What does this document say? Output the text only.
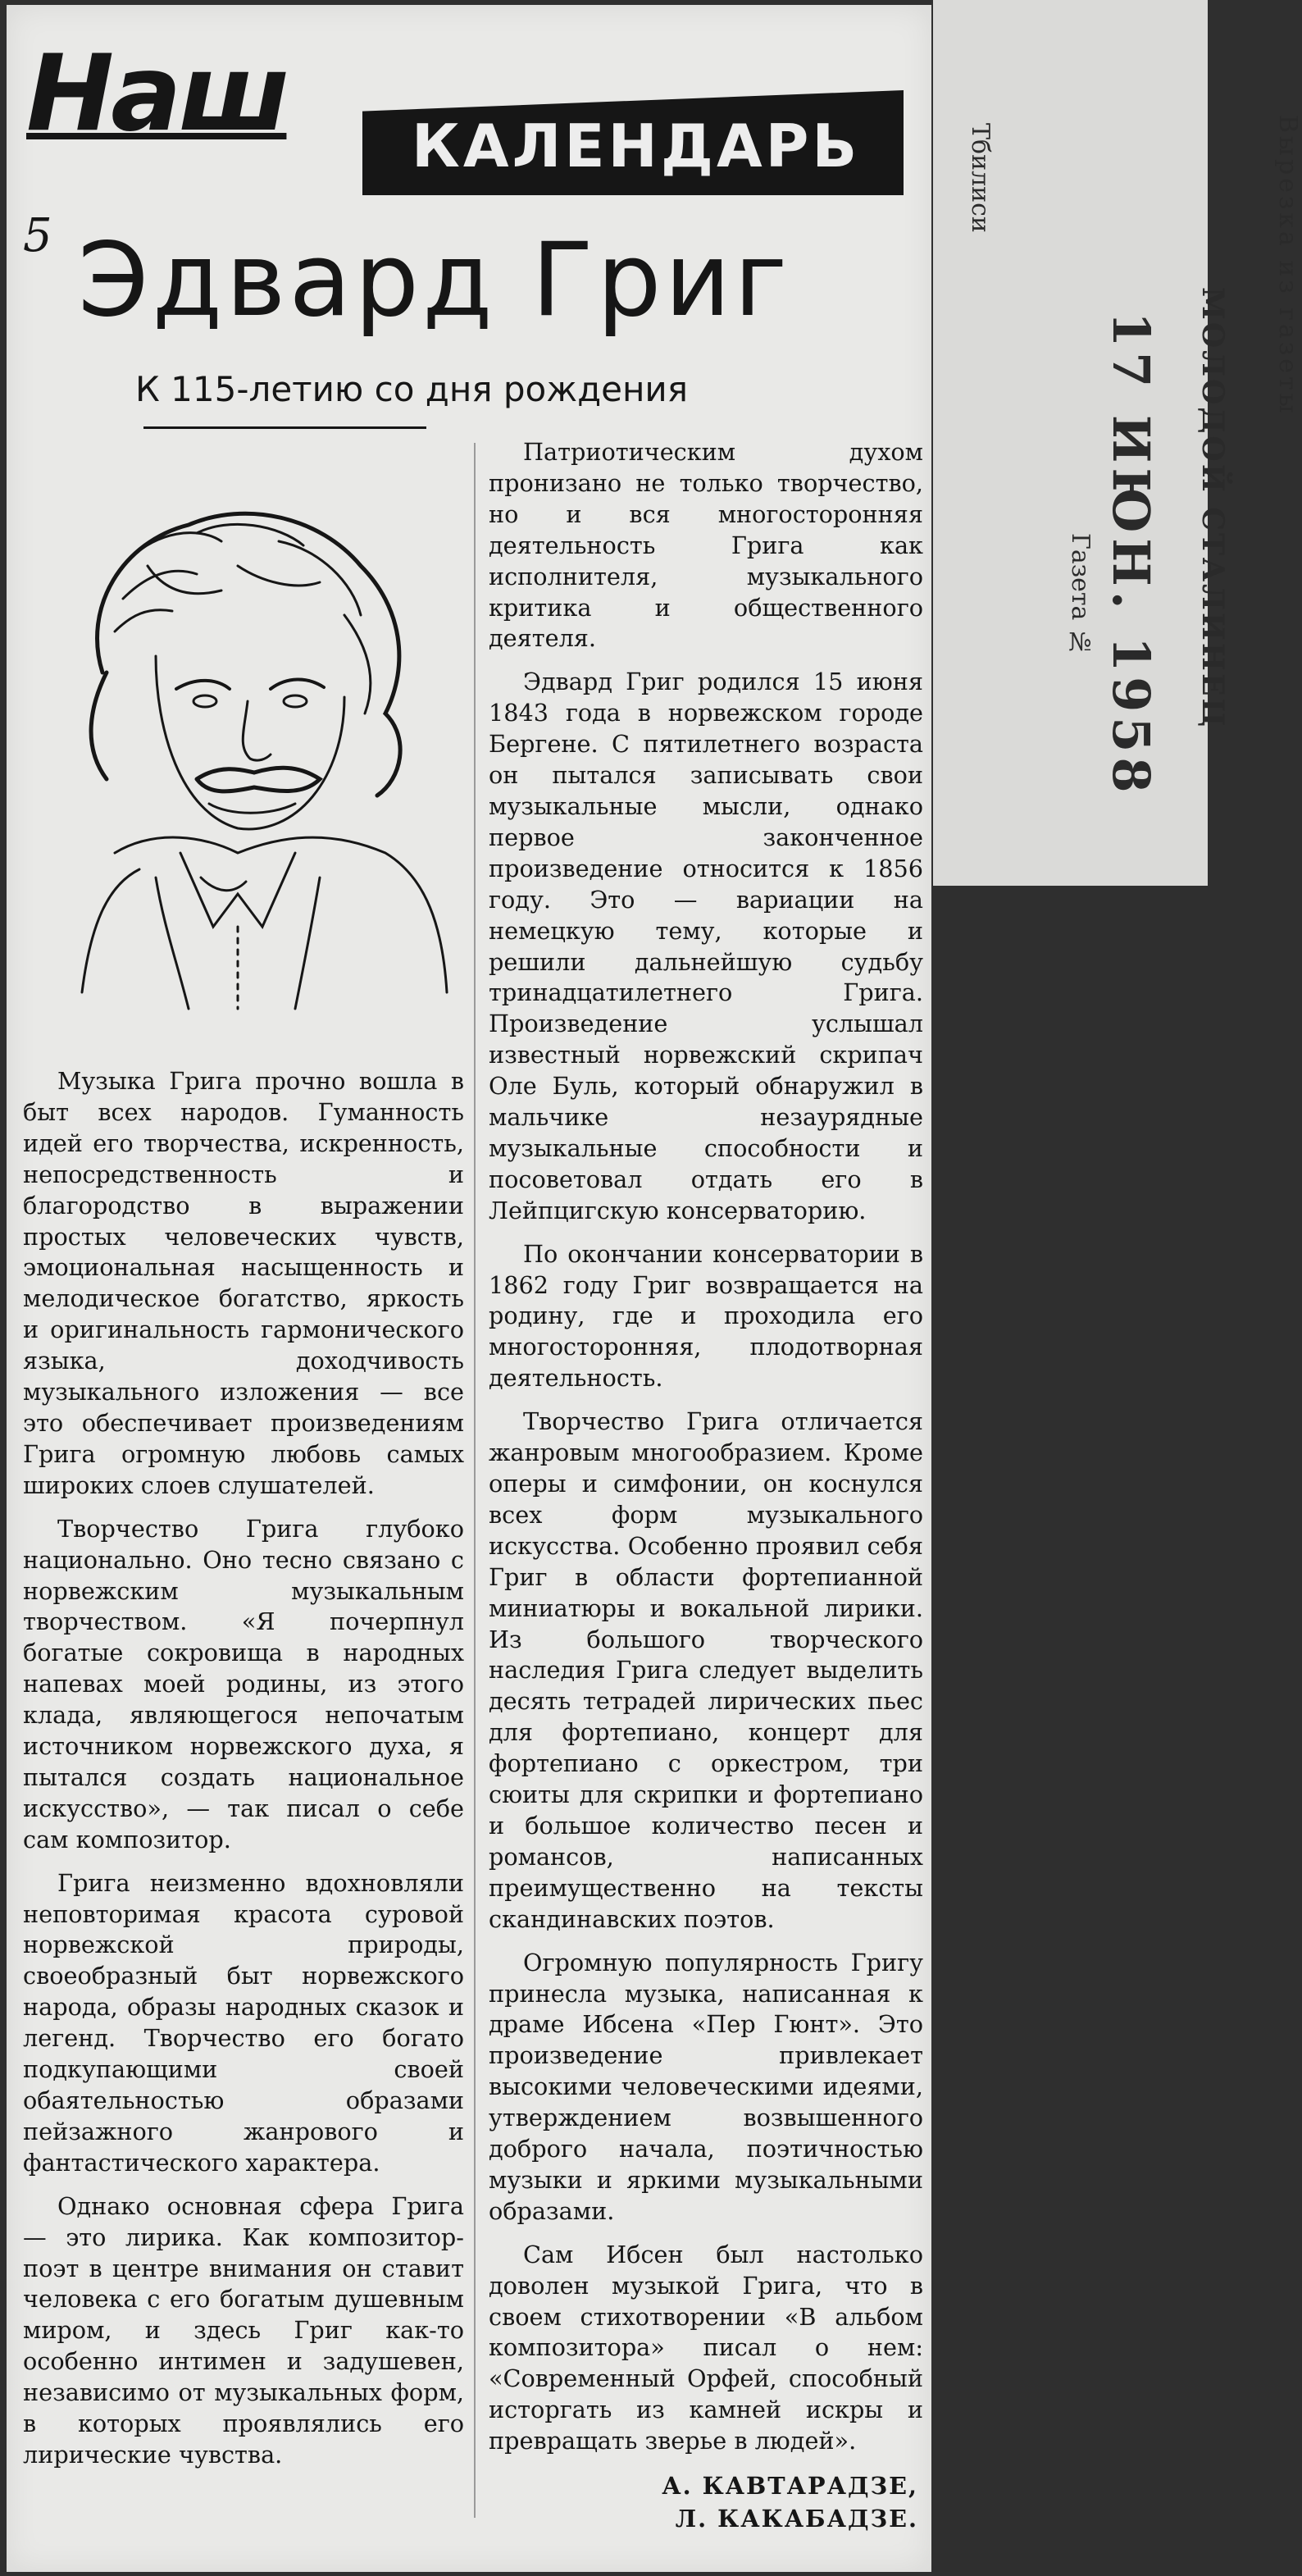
Тбилиси
Газета № 17 ИЮН. 1958 МОЛОДОЙ СТАЛИНЕЦ
Вырезка из газеты
Наш КАЛЕНДАРЬ
5 Эдвард Григ
К 115-летию со дня рождения

Музыка Грига прочно вошла в быт всех народов. Гуманность идей его творчества, искренность, непосредственность и благородство в выражении простых человеческих чувств, эмоциональная насыщенность и мелодическое богатство, яркость и оригинальность гармонического языка, доходчивость музыкального изложения — все это обеспечивает произведениям Грига огромную любовь самых широких слоев слушателей.

Творчество Грига глубоко национально. Оно тесно связано с норвежским музыкальным творчеством. «Я почерпнул богатые сокровища в народных напевах моей родины, из этого клада, являющегося непочатым источником норвежского духа, я пытался создать национальное искусство», — так писал о себе сам композитор.

Грига неизменно вдохновляли неповторимая красота суровой норвежской природы, своеобразный быт норвежского народа, образы народных сказок и легенд. Творчество его богато подкупающими своей обаятельностью образами пейзажного жанрового и фантастического характера.

Однако основная сфера Грига — это лирика. Как композитор-поэт в центре внимания он ставит человека с его богатым душевным миром, и здесь Григ как-то особенно интимен и задушевен, независимо от музыкальных форм, в которых проявлялись его лирические чувства.

Патриотическим духом пронизано не только творчество, но и вся многосторонняя деятельность Грига как исполнителя, музыкального критика и общественного деятеля.

Эдвард Григ родился 15 июня 1843 года в норвежском городе Бергене. С пятилетнего возраста он пытался записывать свои музыкальные мысли, однако первое законченное произведение относится к 1856 году. Это — вариации на немецкую тему, которые и решили дальнейшую судьбу тринадцатилетнего Грига. Произведение услышал известный норвежский скрипач Оле Буль, который обнаружил в мальчике незаурядные музыкальные способности и посоветовал отдать его в Лейпцигскую консерваторию.

По окончании консерватории в 1862 году Григ возвращается на родину, где и проходила его многосторонняя, плодотворная деятельность.

Творчество Грига отличается жанровым многообразием. Кроме оперы и симфонии, он коснулся всех форм музыкального искусства. Особенно проявил себя Григ в области фортепианной миниатюры и вокальной лирики. Из большого творческого наследия Грига следует выделить десять тетрадей лирических пьес для фортепиано, концерт для фортепиано с оркестром, три сюиты для скрипки и фортепиано и большое количество песен и романсов, написанных преимущественно на тексты скандинавских поэтов.

Огромную популярность Григу принесла музыка, написанная к драме Ибсена «Пер Гюнт». Это произведение привлекает высокими человеческими идеями, утверждением возвышенного доброго начала, поэтичностью музыки и яркими музыкальными образами.

Сам Ибсен был настолько доволен музыкой Грига, что в своем стихотворении «В альбом композитора» писал о нем: «Современный Орфей, способный исторгать из камней искры и превращать зверье в людей».

А. КАВТАРАДЗЕ,
Л. КАКАБАДЗЕ.
